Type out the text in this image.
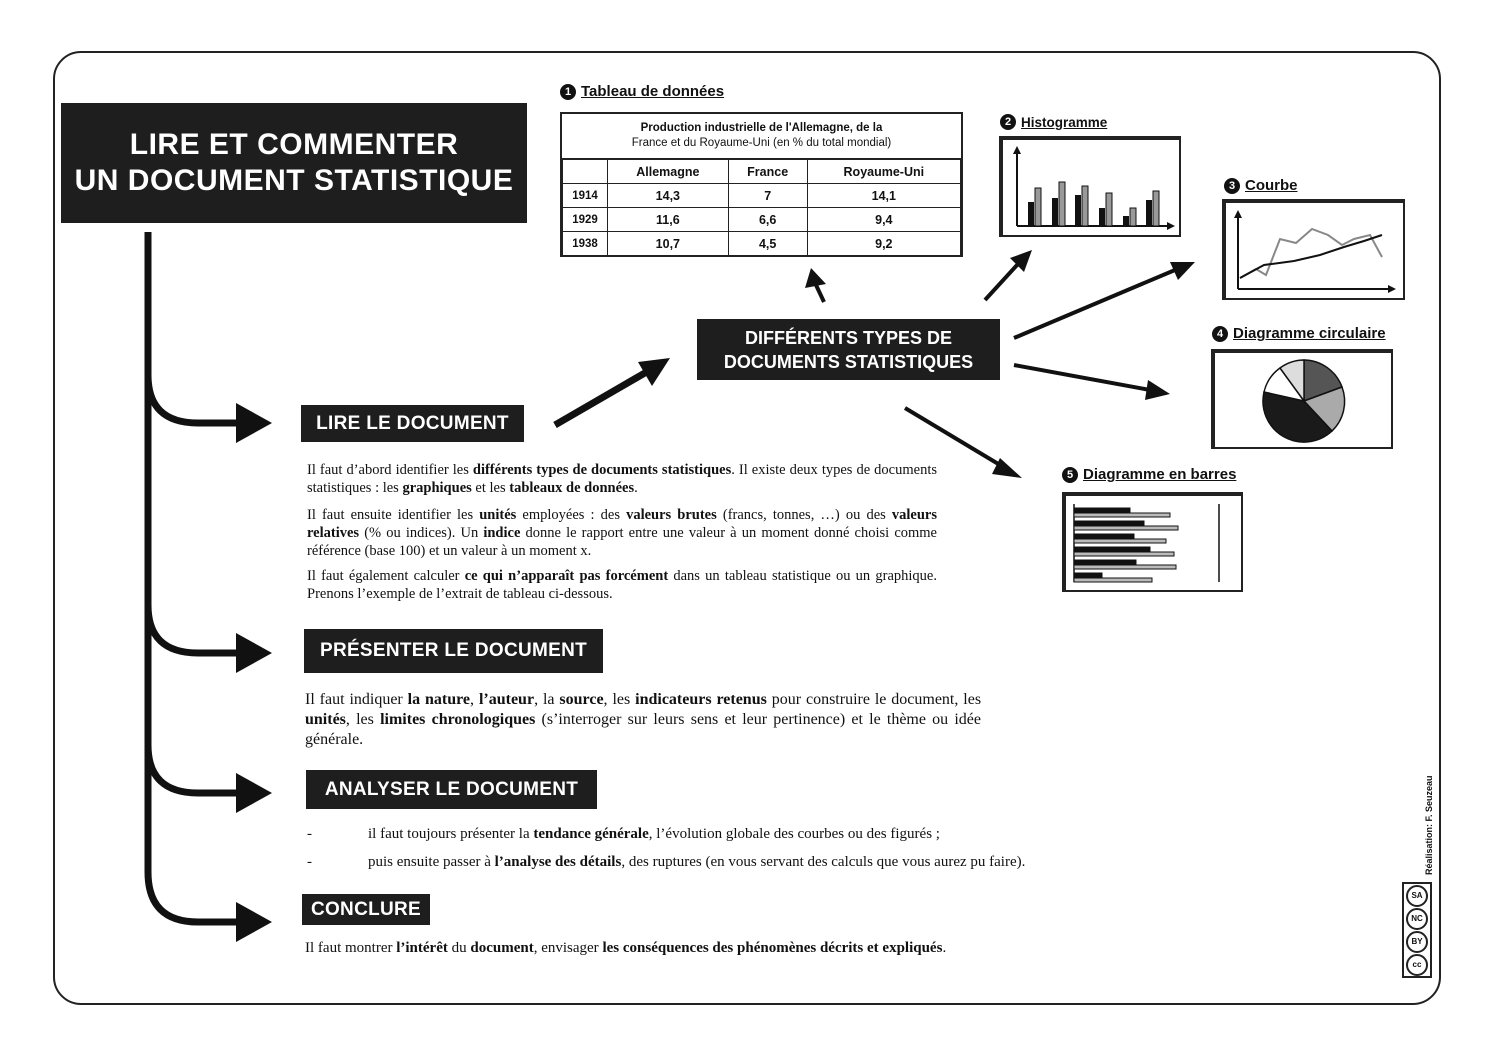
LIRE ET COMMENTER
UN DOCUMENT STATISTIQUE
DIFFÉRENTS TYPES DE
DOCUMENTS STATISTIQUES
1 Tableau de données
2 Histogramme
3 Courbe
4 Diagramme circulaire
5 Diagramme en barres
Production industrielle de l'Allemagne, de la
France et du Royaume-Uni (en % du total mondial)
	Allemagne	France	Royaume-Uni
1914	14,3	7	14,1
1929	11,6	6,6	9,4
1938	10,7	4,5	9,2
LIRE LE DOCUMENT
PRÉSENTER LE DOCUMENT
ANALYSER LE DOCUMENT
CONCLURE
Il faut d’abord identifier les différents types de documents statistiques. Il existe deux types de documents statistiques : les graphiques et les tableaux de données.
Il faut ensuite identifier les unités employées : des valeurs brutes (francs, tonnes, …) ou des valeurs relatives (% ou indices). Un indice donne le rapport entre une valeur à un moment donné choisi comme référence (base 100) et un valeur à un moment x.
Il faut également calculer ce qui n’apparaît pas forcément dans un tableau statistique ou un graphique. Prenons l’exemple de l’extrait de tableau ci-dessous.
Il faut indiquer la nature, l’auteur, la source, les indicateurs retenus pour construire le document, les unités, les limites chronologiques (s’interroger sur leurs sens et leur pertinence) et le thème ou idée générale.
-	il faut toujours présenter la tendance générale, l’évolution globale des courbes ou des figurés ;
-	puis ensuite passer à l’analyse des détails, des ruptures (en vous servant des calculs que vous aurez pu faire).
Il faut montrer l’intérêt du document, envisager les conséquences des phénomènes décrits et expliqués.
Réalisation: F. Seuzeau
SA
NC
BY
cc
